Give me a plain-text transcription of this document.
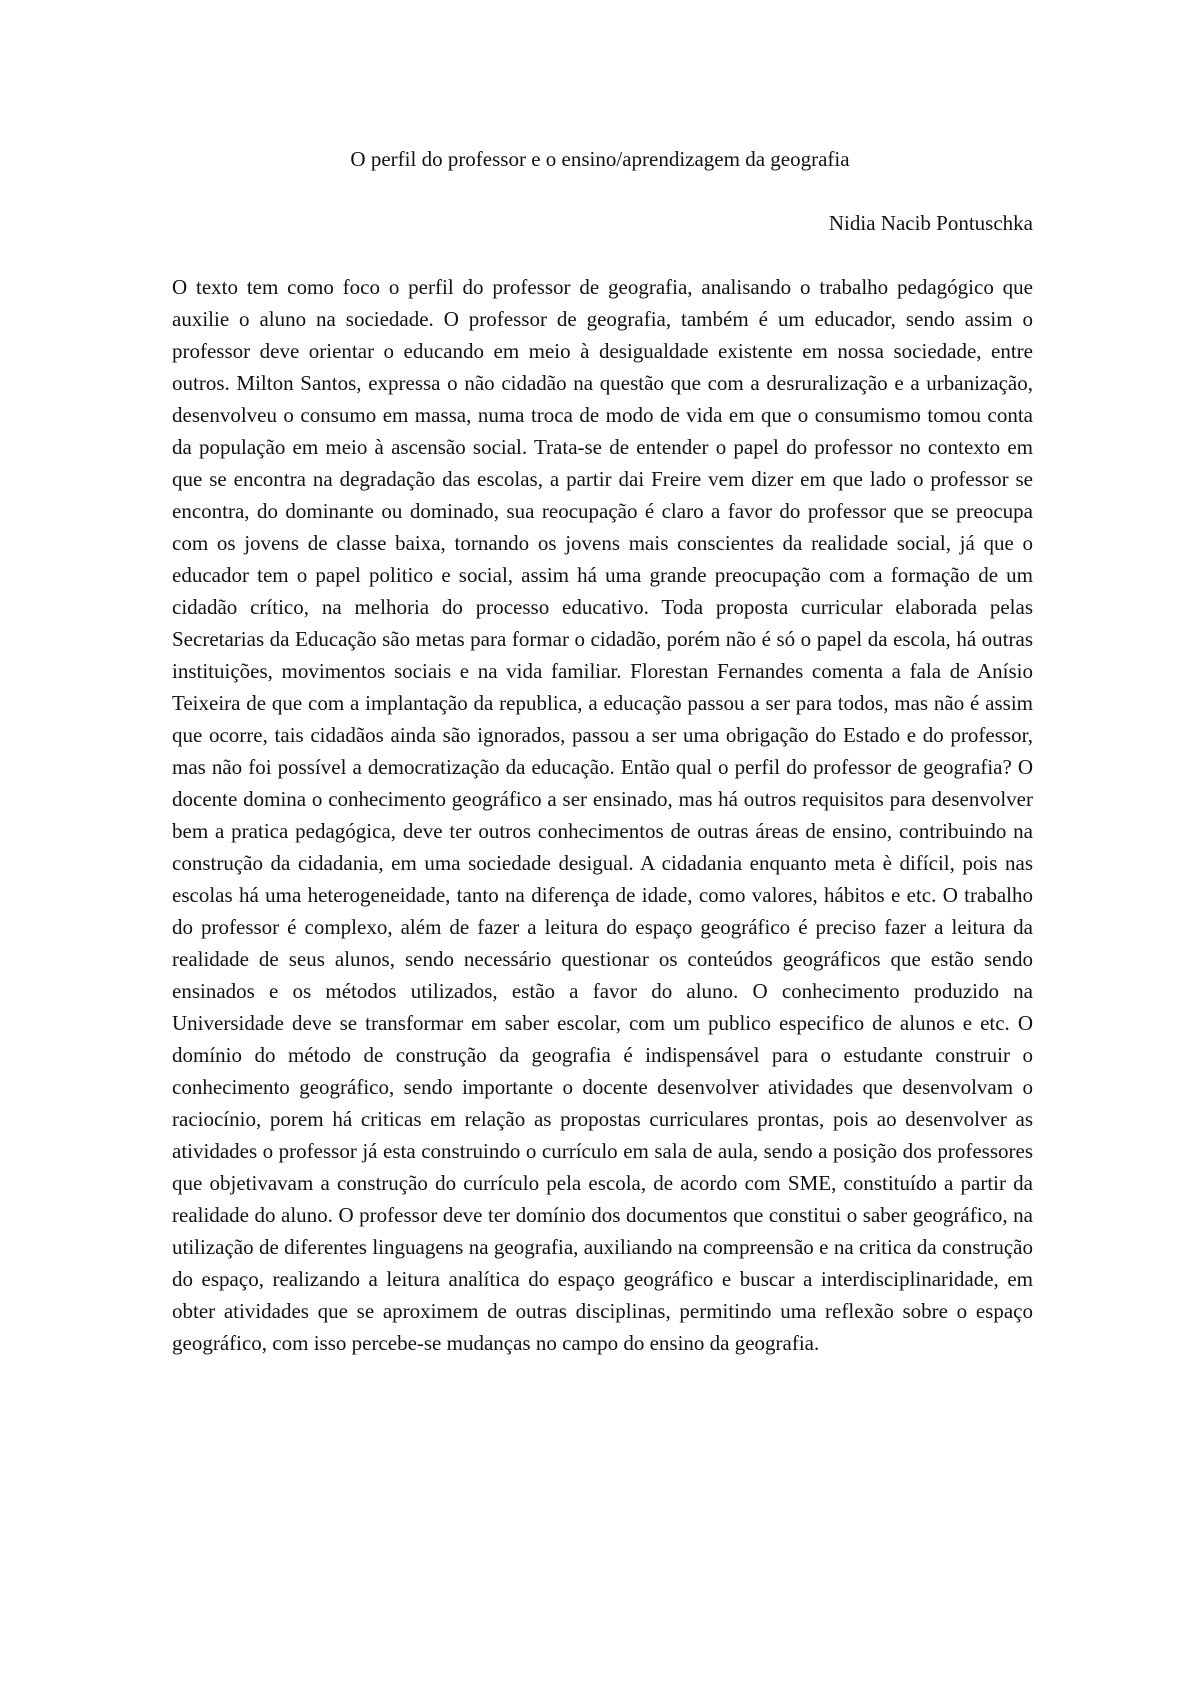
O perfil do professor e o ensino/aprendizagem da geografia

Nidia Nacib Pontuschka

O texto tem como foco o perfil do professor de geografia, analisando o trabalho pedagógico que auxilie o aluno na sociedade. O professor de geografia, também é um educador, sendo assim o professor deve orientar o educando em meio à desigualdade existente em nossa sociedade, entre outros. Milton Santos, expressa o não cidadão na questão que com a desruralização e a urbanização, desenvolveu o consumo em massa, numa troca de modo de vida em que o consumismo tomou conta da população em meio à ascensão social. Trata-se de entender o papel do professor no contexto em que se encontra na degradação das escolas, a partir dai Freire vem dizer em que lado o professor se encontra, do dominante ou dominado, sua reocupação é claro a favor do professor que se preocupa com os jovens de classe baixa, tornando os jovens mais conscientes da realidade social, já que o educador tem o papel politico e social, assim há uma grande preocupação com a formação de um cidadão crítico, na melhoria do processo educativo. Toda proposta curricular elaborada pelas Secretarias da Educação são metas para formar o cidadão, porém não é só o papel da escola, há outras instituições, movimentos sociais e na vida familiar. Florestan Fernandes comenta a fala de Anísio Teixeira de que com a implantação da republica, a educação passou a ser para todos, mas não é assim que ocorre, tais cidadãos ainda são ignorados, passou a ser uma obrigação do Estado e do professor, mas não foi possível a democratização da educação. Então qual o perfil do professor de geografia? O docente domina o conhecimento geográfico a ser ensinado, mas há outros requisitos para desenvolver bem a pratica pedagógica, deve ter outros conhecimentos de outras áreas de ensino, contribuindo na construção da cidadania, em uma sociedade desigual. A cidadania enquanto meta è difícil, pois nas escolas há uma heterogeneidade, tanto na diferença de idade, como valores, hábitos e etc. O trabalho do professor é complexo, além de fazer a leitura do espaço geográfico é preciso fazer a leitura da realidade de seus alunos, sendo necessário questionar os conteúdos geográficos que estão sendo ensinados e os métodos utilizados, estão a favor do aluno. O conhecimento produzido na Universidade deve se transformar em saber escolar, com um publico especifico de alunos e etc. O domínio do método de construção da geografia é indispensável para o estudante construir o conhecimento geográfico, sendo importante o docente desenvolver atividades que desenvolvam o raciocínio, porem há criticas em relação as propostas curriculares prontas, pois ao desenvolver as atividades o professor já esta construindo o currículo em sala de aula, sendo a posição dos professores que objetivavam a construção do currículo pela escola, de acordo com SME, constituído a partir da realidade do aluno. O professor deve ter domínio dos documentos que constitui o saber geográfico, na utilização de diferentes linguagens na geografia, auxiliando na compreensão e na critica da construção do espaço, realizando a leitura analítica do espaço geográfico e buscar a interdisciplinaridade, em obter atividades que se aproximem de outras disciplinas, permitindo uma reflexão sobre o espaço geográfico, com isso percebe-se mudanças no campo do ensino da geografia.
